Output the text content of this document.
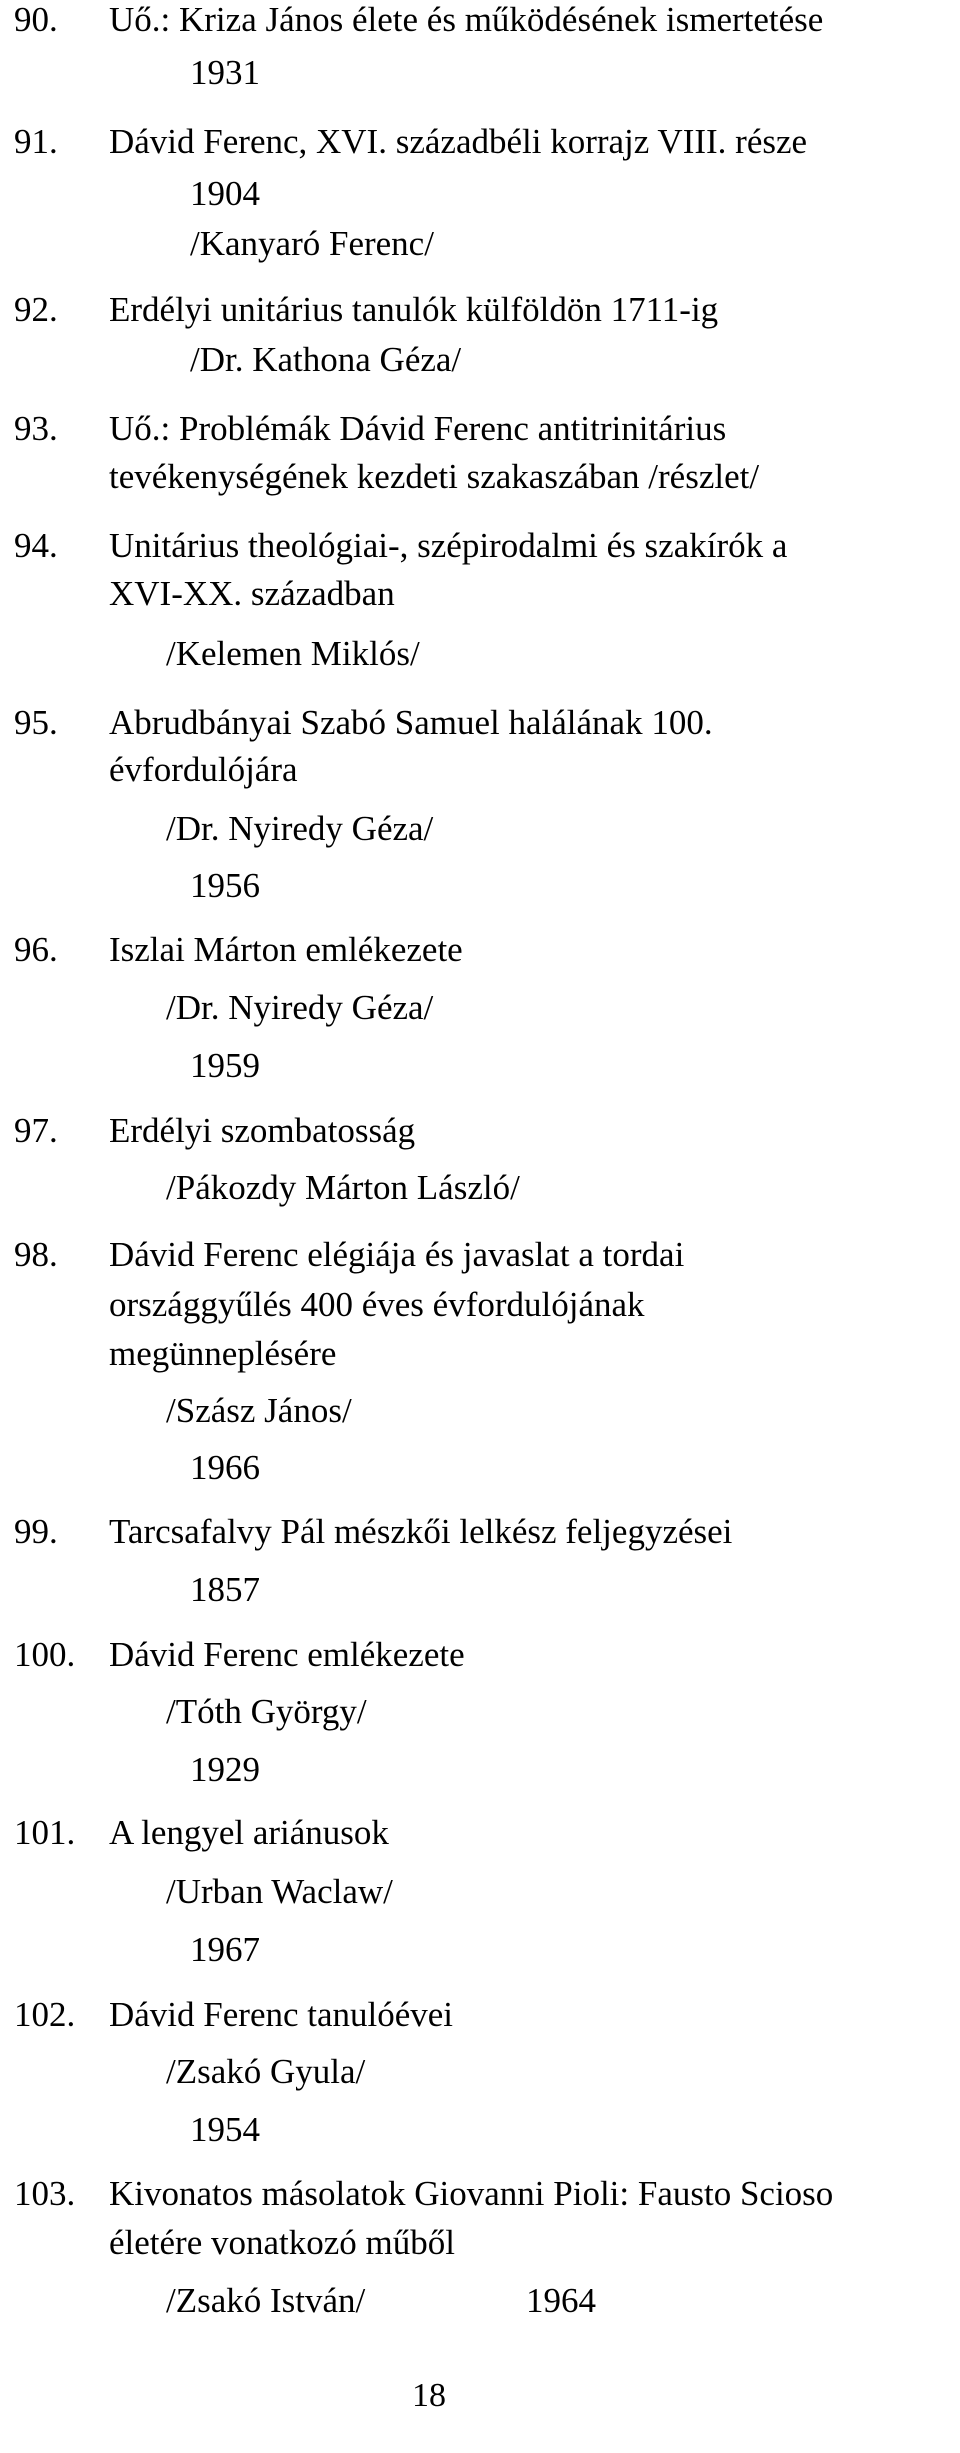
90. Uő.: Kriza János élete és működésének ismertetése
1931
91. Dávid Ferenc, XVI. századbéli korrajz VIII. része
1904
/Kanyaró Ferenc/
92. Erdélyi unitárius tanulók külföldön 1711-ig
/Dr. Kathona Géza/
93. Uő.: Problémák Dávid Ferenc antitrinitárius
tevékenységének kezdeti szakaszában /részlet/
94. Unitárius theológiai-, szépirodalmi és szakírók a
XVI-XX. században
/Kelemen Miklós/
95. Abrudbányai Szabó Samuel halálának 100.
évfordulójára
/Dr. Nyiredy Géza/
1956
96. Iszlai Márton emlékezete
/Dr. Nyiredy Géza/
1959
97. Erdélyi szombatosság
/Pákozdy Márton László/
98. Dávid Ferenc elégiája és javaslat a tordai
országgyűlés 400 éves évfordulójának
megünneplésére
/Szász János/
1966
99. Tarcsafalvy Pál mészkői lelkész feljegyzései
1857
100. Dávid Ferenc emlékezete
/Tóth György/
1929
101. A lengyel ariánusok
/Urban Waclaw/
1967
102. Dávid Ferenc tanulóévei
/Zsakó Gyula/
1954
103. Kivonatos másolatok Giovanni Pioli: Fausto Scioso
életére vonatkozó műből
/Zsakó István/	1964
18
